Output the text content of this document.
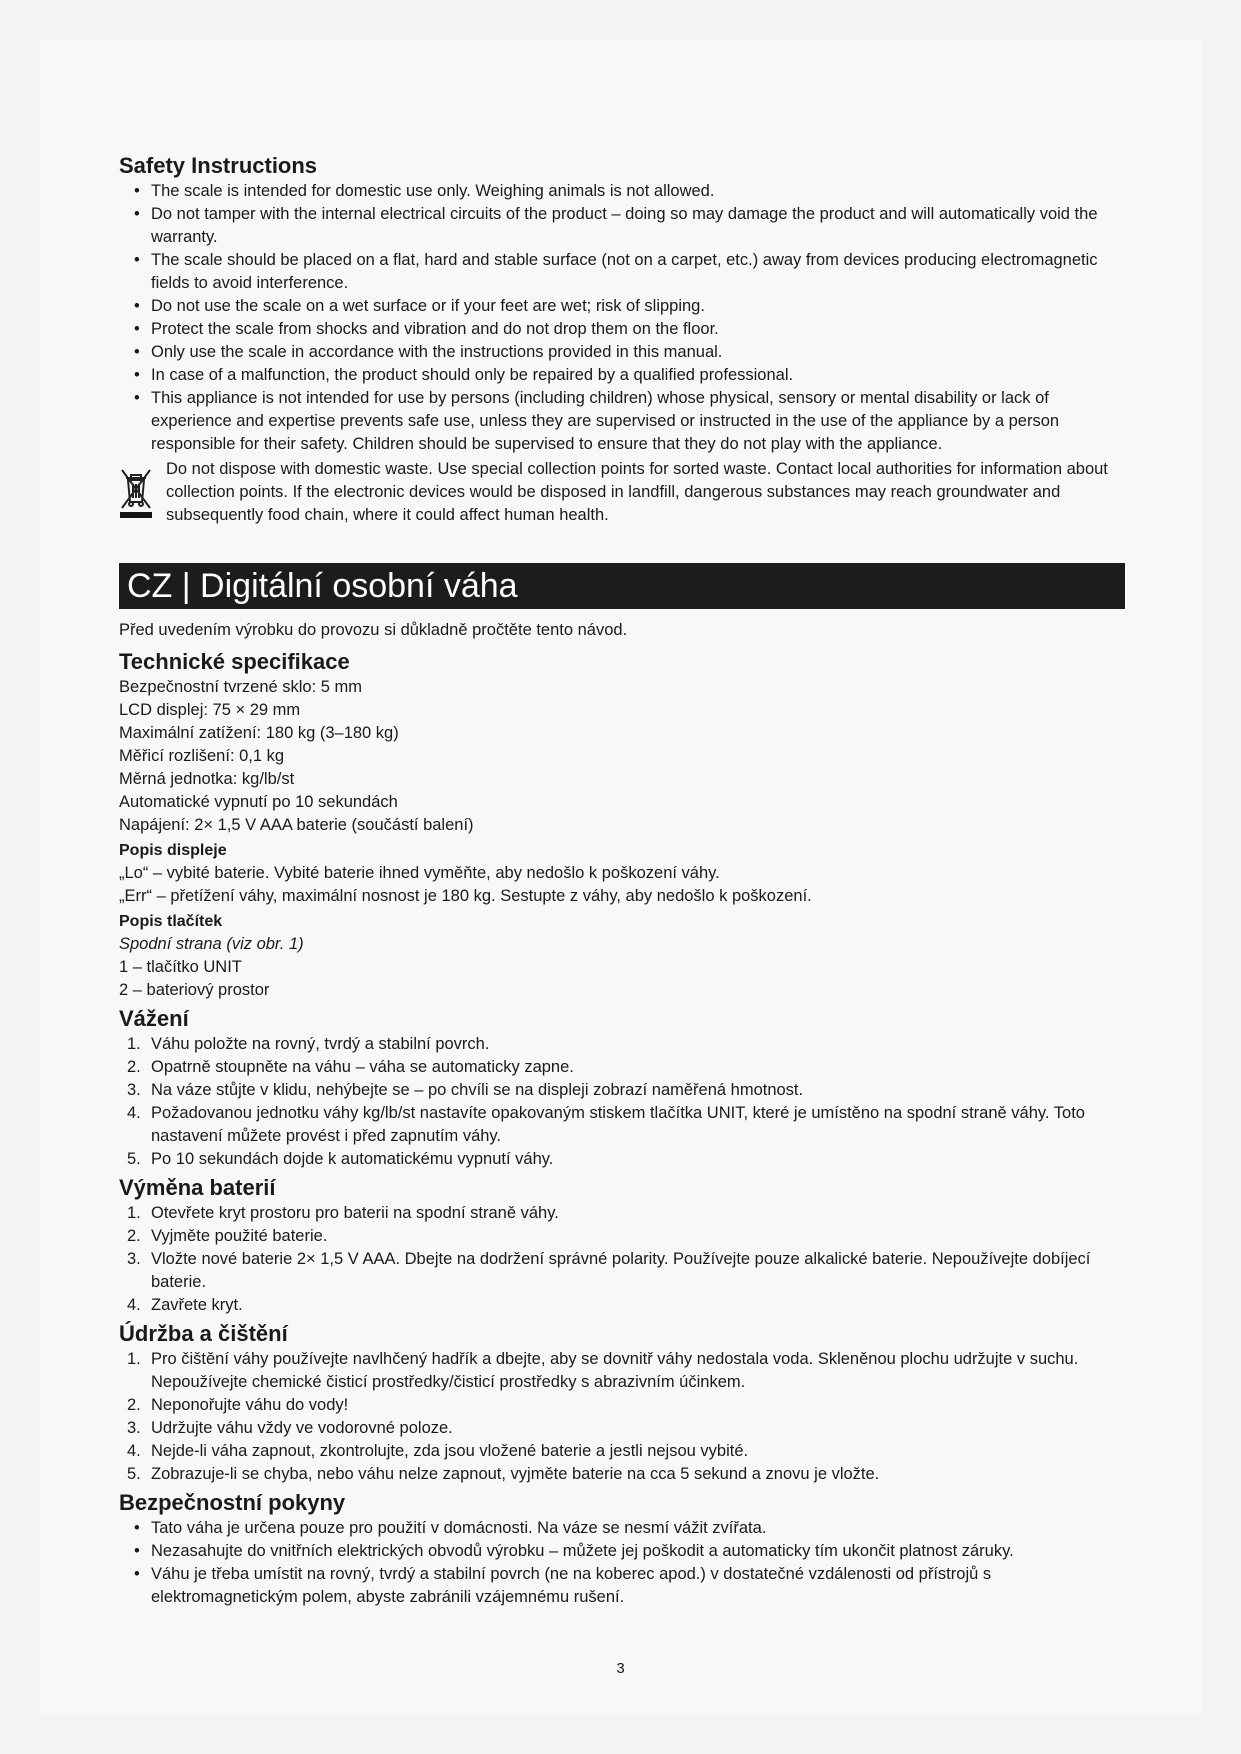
Safety Instructions
• The scale is intended for domestic use only. Weighing animals is not allowed.
• Do not tamper with the internal electrical circuits of the product – doing so may damage the product and will automatically void the warranty.
• The scale should be placed on a flat, hard and stable surface (not on a carpet, etc.) away from devices producing electromagnetic fields to avoid interference.
• Do not use the scale on a wet surface or if your feet are wet; risk of slipping.
• Protect the scale from shocks and vibration and do not drop them on the floor.
• Only use the scale in accordance with the instructions provided in this manual.
• In case of a malfunction, the product should only be repaired by a qualified professional.
• This appliance is not intended for use by persons (including children) whose physical, sensory or mental disability or lack of experience and expertise prevents safe use, unless they are supervised or instructed in the use of the appliance by a person responsible for their safety. Children should be supervised to ensure that they do not play with the appliance.
Do not dispose with domestic waste. Use special collection points for sorted waste. Contact local authorities for information about collection points. If the electronic devices would be disposed in landfill, dangerous substances may reach groundwater and subsequently food chain, where it could affect human health.
CZ | Digitální osobní váha

Před uvedením výrobku do provozu si důkladně pročtěte tento návod.

Technické specifikace

Bezpečnostní tvrzené sklo: 5 mm

LCD displej: 75 × 29 mm

Maximální zatížení: 180 kg (3–180 kg)

Měřicí rozlišení: 0,1 kg

Měrná jednotka: kg/lb/st

Automatické vypnutí po 10 sekundách

Napájení: 2× 1,5 V AAA baterie (součástí balení)

Popis displeje

„Lo“ – vybité baterie. Vybité baterie ihned vyměňte, aby nedošlo k poškození váhy.

„Err“ – přetížení váhy, maximální nosnost je 180 kg. Sestupte z váhy, aby nedošlo k poškození.

Popis tlačítek

Spodní strana (viz obr. 1)

1 – tlačítko UNIT

2 – bateriový prostor

Vážení
1. Váhu položte na rovný, tvrdý a stabilní povrch.
2. Opatrně stoupněte na váhu – váha se automaticky zapne.
3. Na váze stůjte v klidu, nehýbejte se – po chvíli se na displeji zobrazí naměřená hmotnost.
4. Požadovanou jednotku váhy kg/lb/st nastavíte opakovaným stiskem tlačítka UNIT, které je umístěno na spodní straně váhy. Toto nastavení můžete provést i před zapnutím váhy.
5. Po 10 sekundách dojde k automatickému vypnutí váhy.
Výměna baterií
1. Otevřete kryt prostoru pro baterii na spodní straně váhy.
2. Vyjměte použité baterie.
3. Vložte nové baterie 2× 1,5 V AAA. Dbejte na dodržení správné polarity. Používejte pouze alkalické baterie. Nepoužívejte dobíjecí baterie.
4. Zavřete kryt.
Údržba a čištění
1. Pro čištění váhy používejte navlhčený hadřík a dbejte, aby se dovnitř váhy nedostala voda. Skleněnou plochu udržujte v suchu. Nepoužívejte chemické čisticí prostředky/čisticí prostředky s abrazivním účinkem.
2. Neponořujte váhu do vody!
3. Udržujte váhu vždy ve vodorovné poloze.
4. Nejde-li váha zapnout, zkontrolujte, zda jsou vložené baterie a jestli nejsou vybité.
5. Zobrazuje-li se chyba, nebo váhu nelze zapnout, vyjměte baterie na cca 5 sekund a znovu je vložte.
Bezpečnostní pokyny
• Tato váha je určena pouze pro použití v domácnosti. Na váze se nesmí vážit zvířata.
• Nezasahujte do vnitřních elektrických obvodů výrobku – můžete jej poškodit a automaticky tím ukončit platnost záruky.
• Váhu je třeba umístit na rovný, tvrdý a stabilní povrch (ne na koberec apod.) v dostatečné vzdálenosti od přístrojů s elektromagnetickým polem, abyste zabránili vzájemnému rušení.
3
